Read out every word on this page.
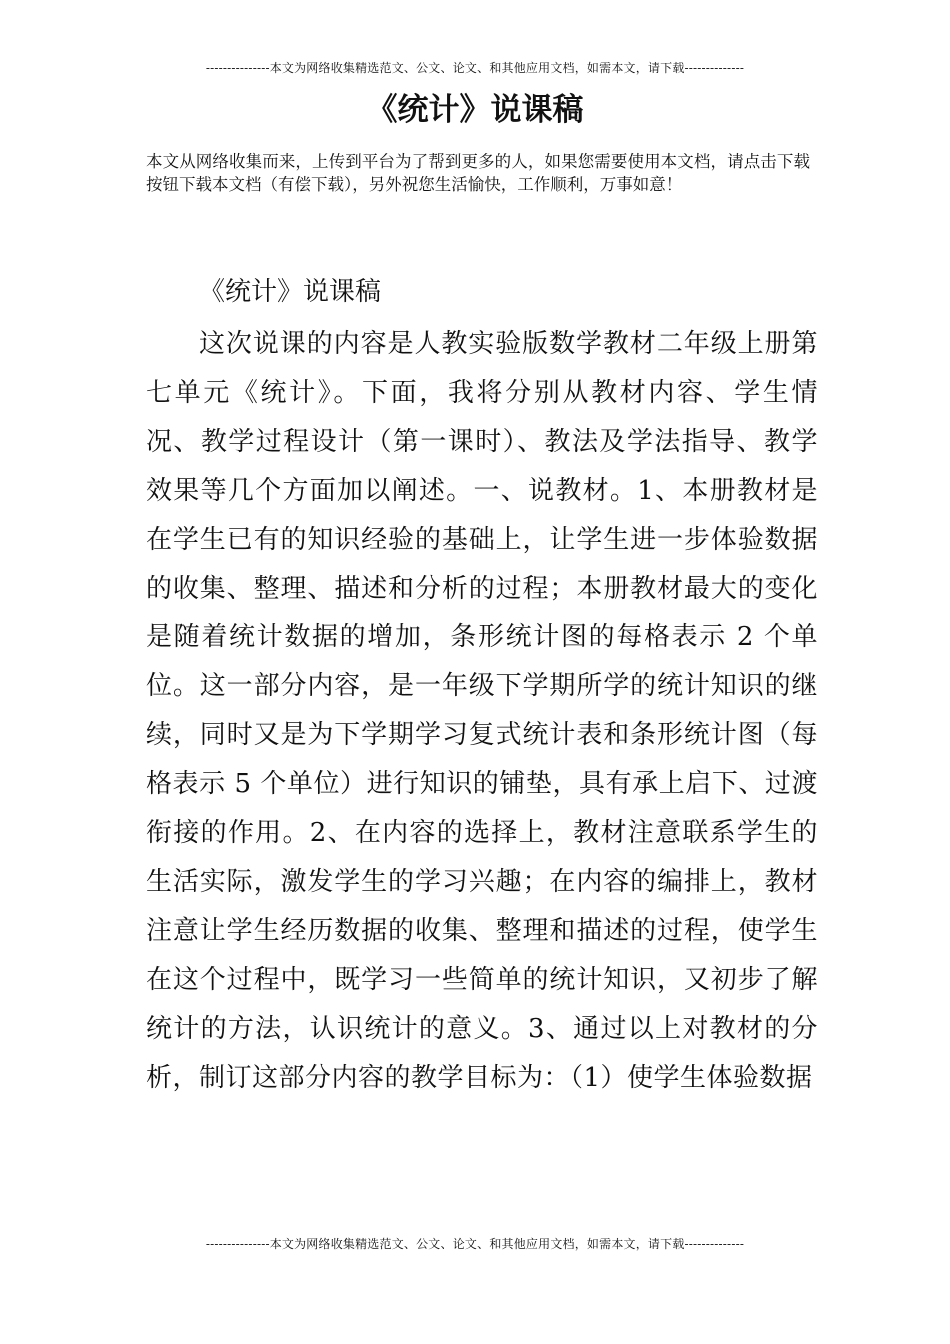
---------------本文为网络收集精选范文、公文、论文、和其他应用文档，如需本文，请下载--------------
《统计》说课稿
本文从网络收集而来，上传到平台为了帮到更多的人，如果您需要使用本文档，请点击下载按钮下载本文档（有偿下载），另外祝您生活愉快，工作顺利，万事如意！
《统计》说课稿
这次说课的内容是人教实验版数学教材二年级上册第七单元《统计》。下面，我将分别从教材内容、学生情况、教学过程设计（第一课时）、教法及学法指导、教学效果等几个方面加以阐述。一、说教材。1、本册教材是在学生已有的知识经验的基础上，让学生进一步体验数据的收集、整理、描述和分析的过程；本册教材最大的变化是随着统计数据的增加，条形统计图的每格表示 2 个单位。这一部分内容，是一年级下学期所学的统计知识的继续，同时又是为下学期学习复式统计表和条形统计图（每格表示 5 个单位）进行知识的铺垫，具有承上启下、过渡衔接的作用。2、在内容的选择上，教材注意联系学生的生活实际，激发学生的学习兴趣；在内容的编排上，教材注意让学生经历数据的收集、整理和描述的过程，使学生在这个过程中，既学习一些简单的统计知识，又初步了解统计的方法，认识统计的意义。3、通过以上对教材的分析，制订这部分内容的教学目标为：（1）使学生体验数据
---------------本文为网络收集精选范文、公文、论文、和其他应用文档，如需本文，请下载--------------
